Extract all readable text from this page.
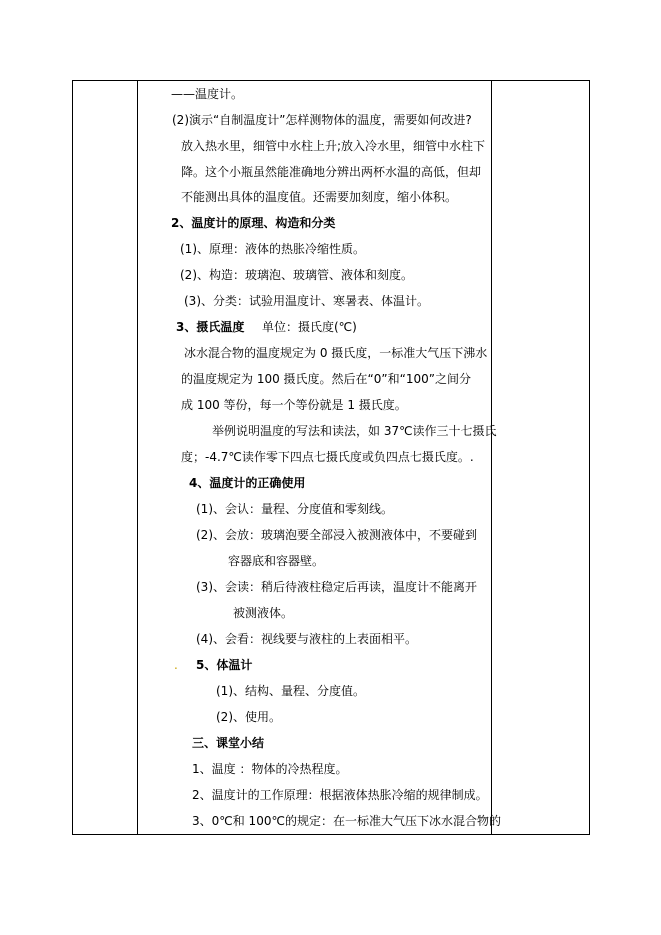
——温度计。
(2)演示“自制温度计”怎样测物体的温度，需要如何改进?
放入热水里，细管中水柱上升;放入冷水里，细管中水柱下
降。这个小瓶虽然能准确地分辨出两杯水温的高低，但却
不能测出具体的温度值。还需要加刻度，缩小体积。
2、温度计的原理、构造和分类
(1)、原理：液体的热胀冷缩性质。
(2)、构造：玻璃泡、玻璃管、液体和刻度。
(3)、分类：试验用温度计、寒暑表、体温计。
3、摄氏温度 单位：摄氏度(℃)
冰水混合物的温度规定为 0 摄氏度，一标准大气压下沸水
的温度规定为 100 摄氏度。然后在“0”和“100”之间分
成 100 等份，每一个等份就是 1 摄氏度。
举例说明温度的写法和读法，如 37℃读作三十七摄氏
度；-4.7℃读作零下四点七摄氏度或负四点七摄氏度。.
4、温度计的正确使用
(1)、会认：量程、分度值和零刻线。
(2)、会放：玻璃泡要全部浸入被测液体中，不要碰到
容器底和容器壁。
(3)、会读：稍后待液柱稳定后再读，温度计不能离开
被测液体。
(4)、会看：视线要与液柱的上表面相平。
. 5、体温计
(1)、结构、量程、分度值。
(2)、使用。
三、课堂小结
1、温度 ：物体的冷热程度。
2、温度计的工作原理：根据液体热胀冷缩的规律制成。
3、0℃和 100℃的规定：在一标准大气压下冰水混合物的
